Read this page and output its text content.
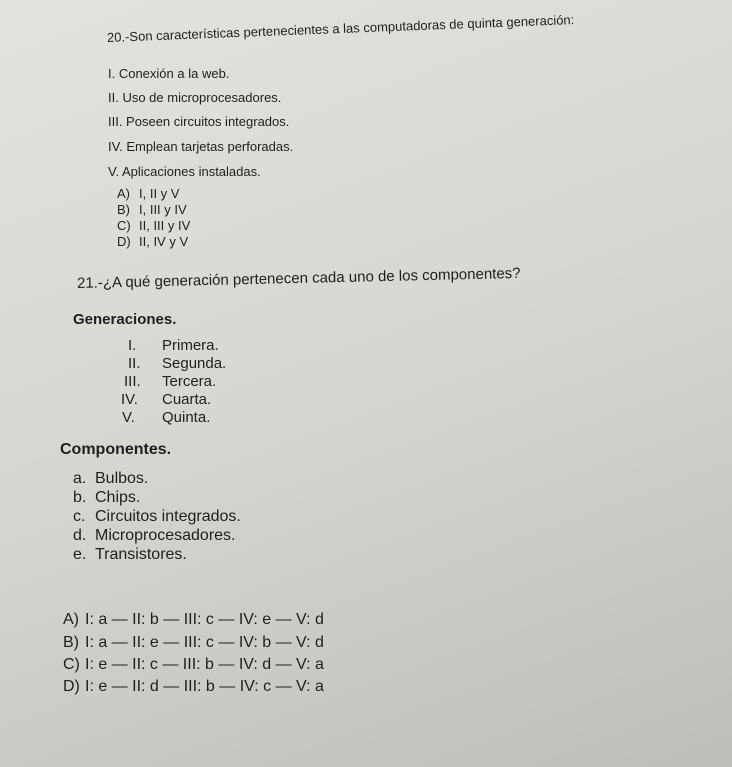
20.-Son características pertenecientes a las computadoras de quinta generación:
I. Conexión a la web.
II. Uso de microprocesadores.
III. Poseen circuitos integrados.
IV. Emplean tarjetas perforadas.
V. Aplicaciones instaladas.
A) I, II y V
B) I, III y IV
C) II, III y IV
D) II, IV y V
21.-¿A qué generación pertenecen cada uno de los componentes?
Generaciones.
I. Primera.
II. Segunda.
III. Tercera.
IV. Cuarta.
V. Quinta.
Componentes.
a. Bulbos.
b. Chips.
c. Circuitos integrados.
d. Microprocesadores.
e. Transistores.
A) I: a — II: b — III: c — IV: e — V: d
B) I: a — II: e — III: c — IV: b — V: d
C) I: e — II: c — III: b — IV: d — V: a
D) I: e — II: d — III: b — IV: c — V: a
